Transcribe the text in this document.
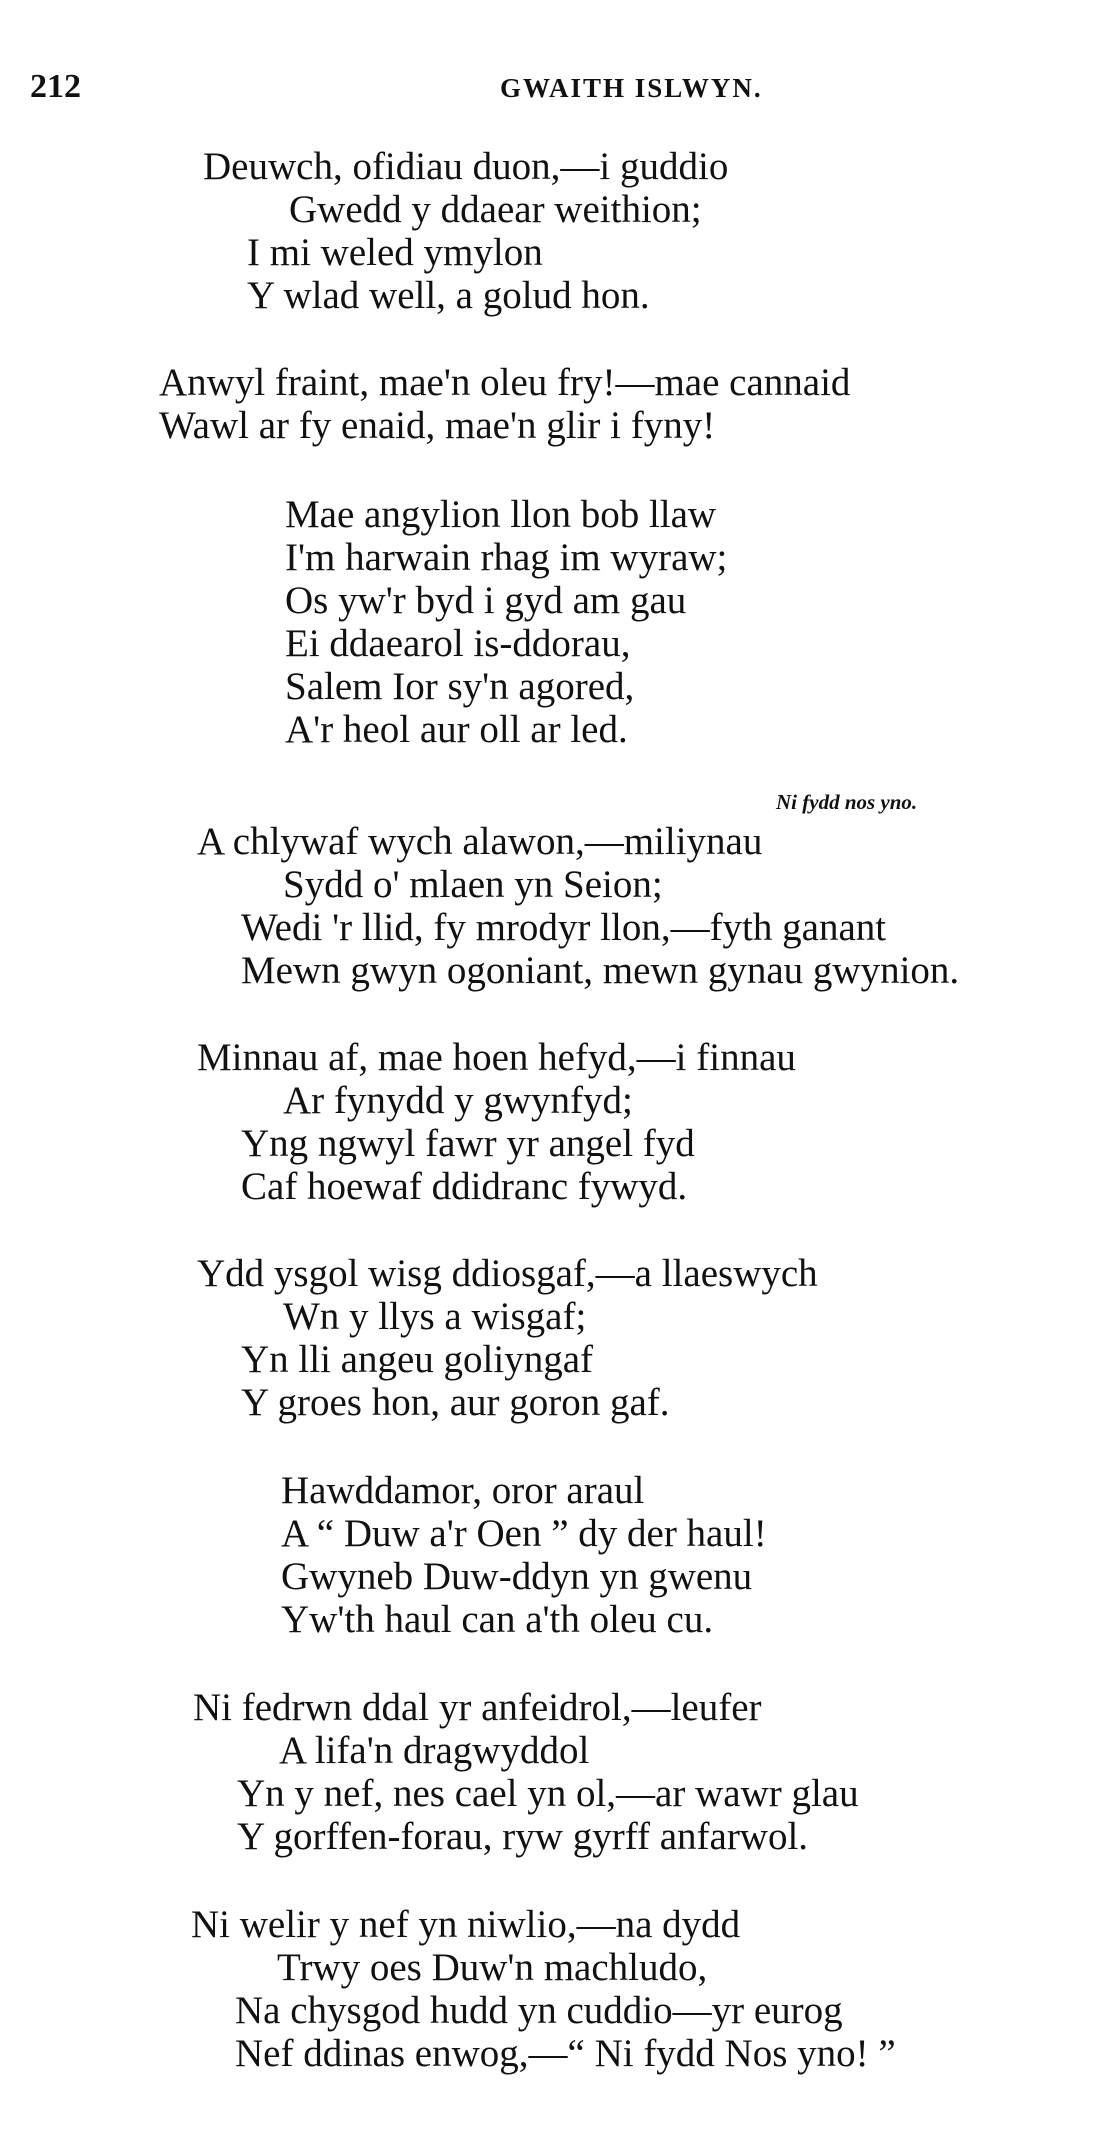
212	GWAITH ISLWYN.
Deuwch, ofidiau duon,—i guddio
Gwedd y ddaear weithion;
I mi weled ymylon
Y wlad well, a golud hon.
Anwyl fraint, mae'n oleu fry!—mae cannaid
Wawl ar fy enaid, mae'n glir i fyny!
Mae angylion llon bob llaw
I'm harwain rhag im wyraw;
Os yw'r byd i gyd am gau
Ei ddaearol is-ddorau,
Salem Ior sy'n agored,
A'r heol aur oll ar led.
Ni fydd nos yno.
A chlywaf wych alawon,—miliynau
Sydd o' mlaen yn Seion;
Wedi 'r llid, fy mrodyr llon,—fyth ganant
Mewn gwyn ogoniant, mewn gynau gwynion.
Minnau af, mae hoen hefyd,—i finnau
Ar fynydd y gwynfyd;
Yng ngwyl fawr yr angel fyd
Caf hoewaf ddidranc fywyd.
Ydd ysgol wisg ddiosgaf,—a llaeswych
Wn y llys a wisgaf;
Yn lli angeu goliyngaf
Y groes hon, aur goron gaf.
Hawddamor, oror araul
A “ Duw a'r Oen ” dy der haul!
Gwyneb Duw-ddyn yn gwenu
Yw'th haul can a'th oleu cu.
Ni fedrwn ddal yr anfeidrol,—leufer
A lifa'n dragwyddol
Yn y nef, nes cael yn ol,—ar wawr glau
Y gorffen-forau, ryw gyrff anfarwol.
Ni welir y nef yn niwlio,—na dydd
Trwy oes Duw'n machludo,
Na chysgod hudd yn cuddio—yr eurog
Nef ddinas enwog,—“ Ni fydd Nos yno! ”
